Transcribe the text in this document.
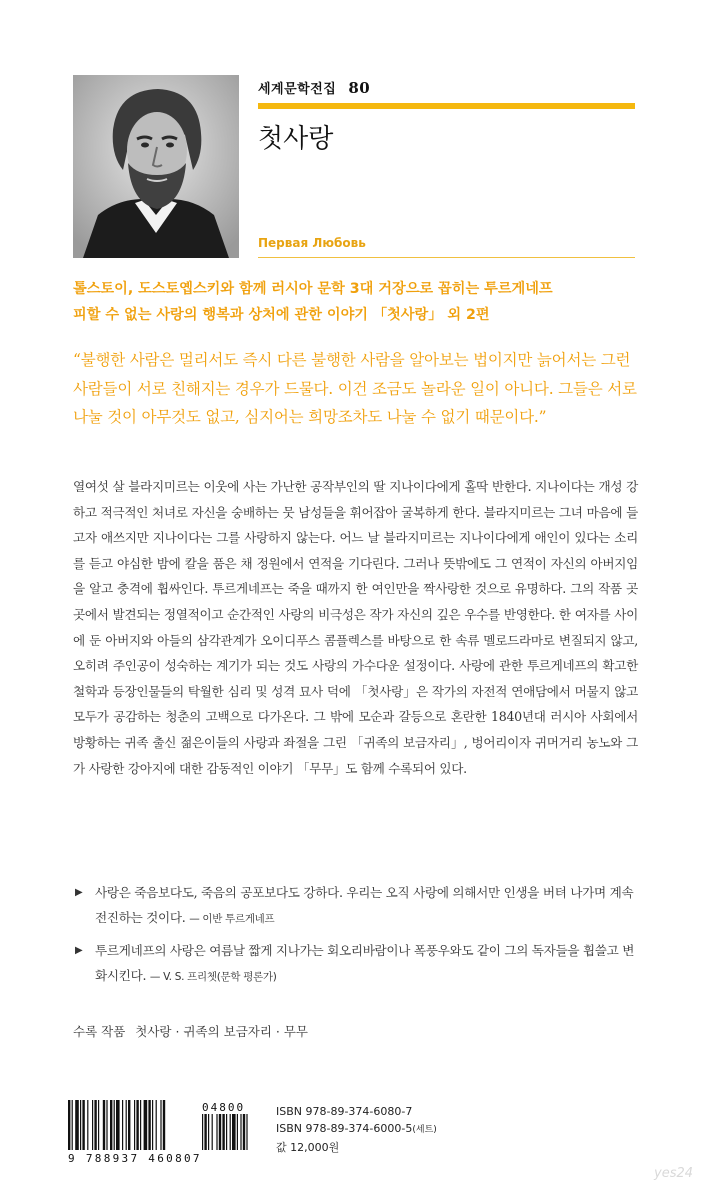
세계문학전집 80
첫사랑
Первая Любовь
톨스토이, 도스토옙스키와 함께 러시아 문학 3대 거장으로 꼽히는 투르게네프
피할 수 없는 사랑의 행복과 상처에 관한 이야기 「첫사랑」 외 2편
“불행한 사람은 멀리서도 즉시 다른 불행한 사람을 알아보는 법이지만 늙어서는 그런 사람들이 서로 친해지는 경우가 드물다. 이건 조금도 놀라운 일이 아니다. 그들은 서로 나눌 것이 아무것도 없고, 심지어는 희망조차도 나눌 수 없기 때문이다.”
열여섯 살 블라지미르는 이웃에 사는 가난한 공작부인의 딸 지나이다에게 홀딱 반한다. 지나이다는 개성 강하고 적극적인 처녀로 자신을 숭배하는 뭇 남성들을 휘어잡아 굴복하게 한다. 블라지미르는 그녀 마음에 들고자 애쓰지만 지나이다는 그를 사랑하지 않는다. 어느 날 블라지미르는 지나이다에게 애인이 있다는 소리를 듣고 야심한 밤에 칼을 품은 채 정원에서 연적을 기다린다. 그러나 뜻밖에도 그 연적이 자신의 아버지임을 알고 충격에 휩싸인다. 투르게네프는 죽을 때까지 한 여인만을 짝사랑한 것으로 유명하다. 그의 작품 곳곳에서 발견되는 정열적이고 순간적인 사랑의 비극성은 작가 자신의 깊은 우수를 반영한다. 한 여자를 사이에 둔 아버지와 아들의 삼각관계가 오이디푸스 콤플렉스를 바탕으로 한 속류 멜로드라마로 변질되지 않고, 오히려 주인공이 성숙하는 계기가 되는 것도 사랑의 가수다운 설정이다. 사랑에 관한 투르게네프의 확고한 철학과 등장인물들의 탁월한 심리 및 성격 묘사 덕에 「첫사랑」은 작가의 자전적 연애담에서 머물지 않고 모두가 공감하는 청춘의 고백으로 다가온다. 그 밖에 모순과 갈등으로 혼란한 1840년대 러시아 사회에서 방황하는 귀족 출신 젊은이들의 사랑과 좌절을 그린 「귀족의 보금자리」, 벙어리이자 귀머거리 농노와 그가 사랑한 강아지에 대한 감동적인 이야기 「무무」도 함께 수록되어 있다.
▶ 사랑은 죽음보다도, 죽음의 공포보다도 강하다. 우리는 오직 사랑에 의해서만 인생을 버텨 나가며 계속 전진하는 것이다. — 이반 투르게네프
▶ 투르게네프의 사랑은 여름날 짧게 지나가는 회오리바람이나 폭풍우와도 같이 그의 독자들을 휩쓸고 변화시킨다. — V. S. 프리쳇(문학 평론가)
수록 작품 첫사랑 · 귀족의 보금자리 · 무무
04800
9 788937 460807
ISBN 978-89-374-6080-7
ISBN 978-89-374-6000-5(세트)
값 12,000원
yes24
